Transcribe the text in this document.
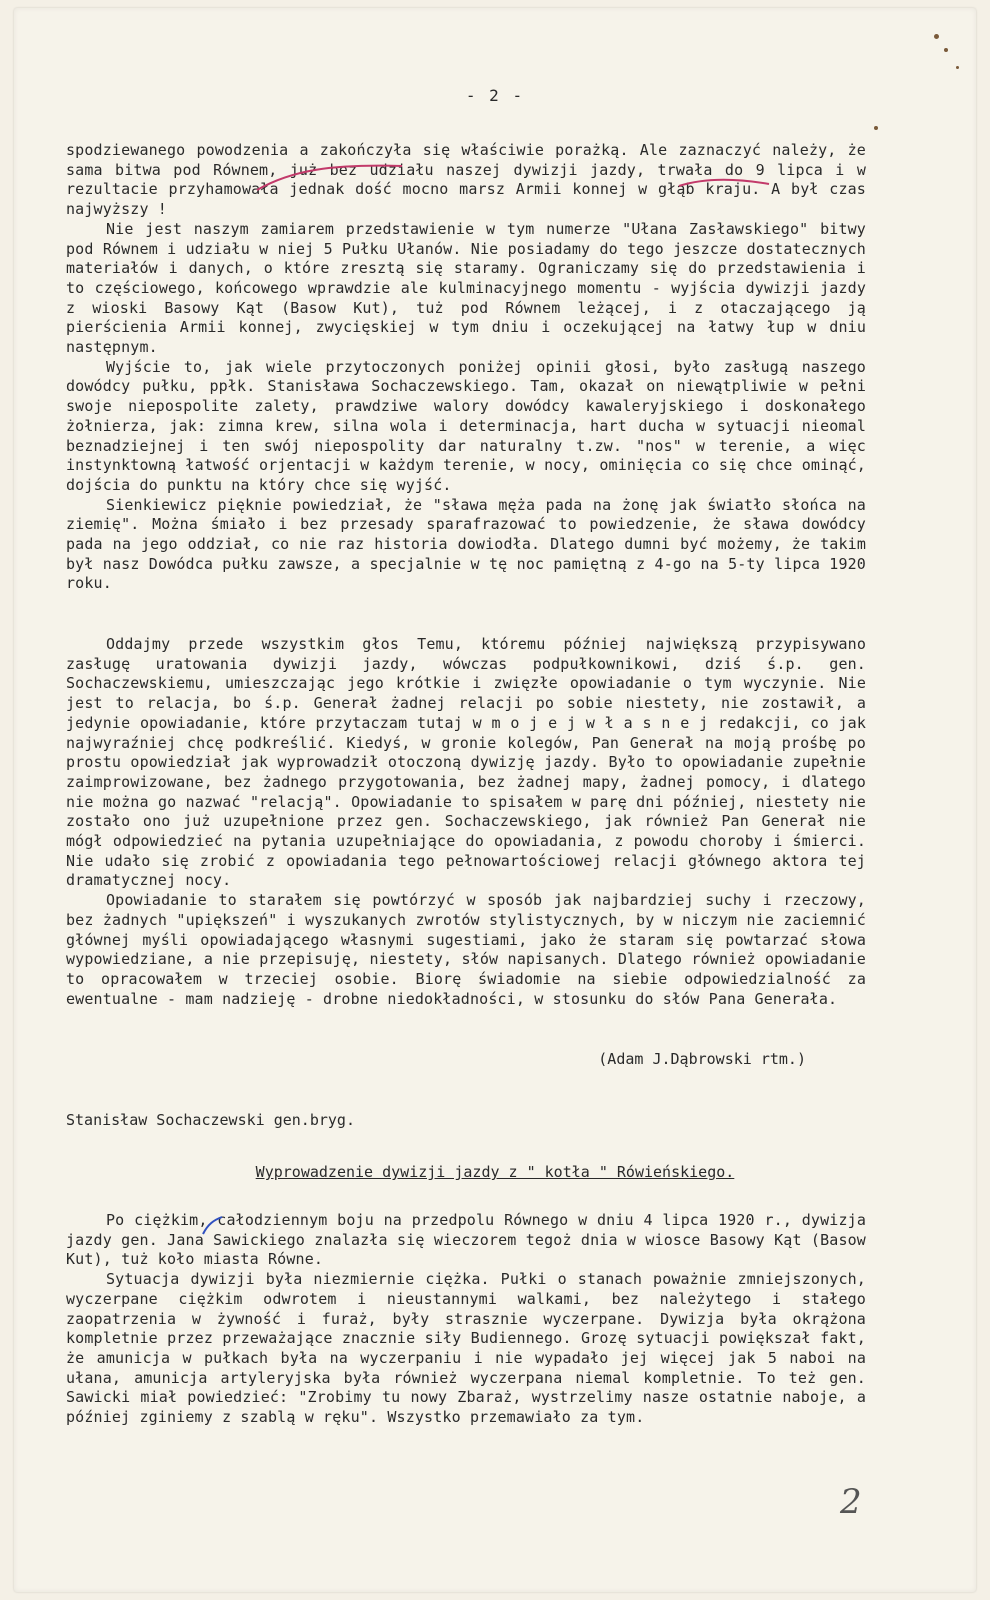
- 2 -

spodziewanego powodzenia a zakończyła się właściwie porażką. Ale zaznaczyć należy, że sama bitwa pod Równem, już bez udziału naszej dywizji jazdy, trwała do 9 lipca i w rezultacie przyhamowała jednak dość mocno marsz Armii konnej w głąb kraju. A był czas najwyższy !

Nie jest naszym zamiarem przedstawienie w tym numerze "Ułana Zasławskiego" bitwy pod Równem i udziału w niej 5 Pułku Ułanów. Nie posiadamy do tego jeszcze dostatecznych materiałów i danych, o które zresztą się staramy. Ograniczamy się do przedstawienia i to częściowego, końcowego wprawdzie ale kulminacyjnego momentu - wyjścia dywizji jazdy z wioski Basowy Kąt (Basow Kut), tuż pod Równem leżącej, i z otaczającego ją pierścienia Armii konnej, zwycięskiej w tym dniu i oczekującej na łatwy łup w dniu następnym.

Wyjście to, jak wiele przytoczonych poniżej opinii głosi, było zasługą naszego dowódcy pułku, ppłk. Stanisława Sochaczewskiego. Tam, okazał on niewątpliwie w pełni swoje niepospolite zalety, prawdziwe walory dowódcy kawaleryjskiego i doskonałego żołnierza, jak: zimna krew, silna wola i determinacja, hart ducha w sytuacji nieomal beznadziejnej i ten swój niepospolity dar naturalny t.zw. "nos" w terenie, a więc instynktowną łatwość orjentacji w każdym terenie, w nocy, ominięcia co się chce ominąć, dojścia do punktu na który chce się wyjść.

Sienkiewicz pięknie powiedział, że "sława męża pada na żonę jak światło słońca na ziemię". Można śmiało i bez przesady sparafrazować to powiedzenie, że sława dowódcy pada na jego oddział, co nie raz historia dowiodła. Dlatego dumni być możemy, że takim był nasz Dowódca pułku zawsze, a specjalnie w tę noc pamiętną z 4-go na 5-ty lipca 1920 roku.

Oddajmy przede wszystkim głos Temu, któremu później największą przypisywano zasługę uratowania dywizji jazdy, wówczas podpułkownikowi, dziś ś.p. gen. Sochaczewskiemu, umieszczając jego krótkie i zwięzłe opowiadanie o tym wyczynie. Nie jest to relacja, bo ś.p. Generał żadnej relacji po sobie niestety, nie zostawił, a jedynie opowiadanie, które przytaczam tutaj w m o j e j w ł a s n e j redakcji, co jak najwyraźniej chcę podkreślić. Kiedyś, w gronie kolegów, Pan Generał na moją prośbę po prostu opowiedział jak wyprowadził otoczoną dywizję jazdy. Było to opowiadanie zupełnie zaimprowizowane, bez żadnego przygotowania, bez żadnej mapy, żadnej pomocy, i dlatego nie można go nazwać "relacją". Opowiadanie to spisałem w parę dni później, niestety nie zostało ono już uzupełnione przez gen. Sochaczewskiego, jak również Pan Generał nie mógł odpowiedzieć na pytania uzupełniające do opowiadania, z powodu choroby i śmierci. Nie udało się zrobić z opowiadania tego pełnowartościowej relacji głównego aktora tej dramatycznej nocy.

Opowiadanie to starałem się powtórzyć w sposób jak najbardziej suchy i rzeczowy, bez żadnych "upiększeń" i wyszukanych zwrotów stylistycznych, by w niczym nie zaciemnić głównej myśli opowiadającego własnymi sugestiami, jako że staram się powtarzać słowa wypowiedziane, a nie przepisuję, niestety, słów napisanych. Dlatego również opowiadanie to opracowałem w trzeciej osobie. Biorę świadomie na siebie odpowiedzialność za ewentualne - mam nadzieję - drobne niedokładności, w stosunku do słów Pana Generała.

(Adam J.Dąbrowski rtm.)
Stanisław Sochaczewski gen.bryg.
Wyprowadzenie dywizji jazdy z " kotła " Rówieńskiego.

Po ciężkim, całodziennym boju na przedpolu Równego w dniu 4 lipca 1920 r., dywizja jazdy gen. Jana Sawickiego znalazła się wieczorem tegoż dnia w wiosce Basowy Kąt (Basow Kut), tuż koło miasta Równe.

Sytuacja dywizji była niezmiernie ciężka. Pułki o stanach poważnie zmniejszonych, wyczerpane ciężkim odwrotem i nieustannymi walkami, bez należytego i stałego zaopatrzenia w żywność i furaż, były strasznie wyczerpane. Dywizja była okrążona kompletnie przez przeważające znacznie siły Budiennego. Grozę sytuacji powiększał fakt, że amunicja w pułkach była na wyczerpaniu i nie wypadało jej więcej jak 5 naboi na ułana, amunicja artyleryjska była również wyczerpana niemal kompletnie. To też gen. Sawicki miał powiedzieć: "Zrobimy tu nowy Zbaraż, wystrzelimy nasze ostatnie naboje, a później zginiemy z szablą w ręku". Wszystko przemawiało za tym.

2
